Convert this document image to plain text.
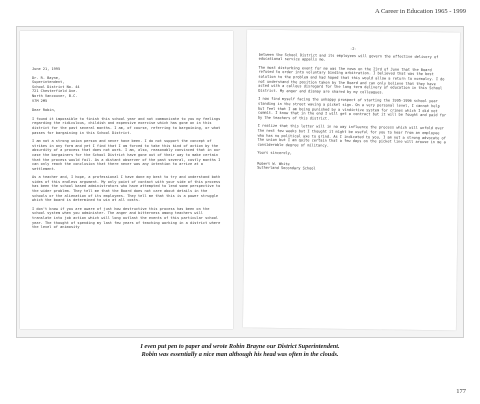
A Career in Education 1965 - 1999
June 21, 1995
Dr. R. Bayne,
Superintendent,
School District No. 44
721 Chesterfield Ave.
North Vancouver, B.C.
V7M 2M5

Dear Robin,

I found it impossible to finish this school year and not communicate to you my feelings regarding the ridiculous, childish and expensive exercise which has gone on in this district for the past several months. I am, of course, referring to bargaining, or what passes for bargaining in this School District.

I am not a strong union person and never have been. I do not support the concept of strikes in any form and yet I find that I am forced to take this kind of action by the absurdity of a process that does not work. I am, also, reasonably convinced that in our case the bargainers for the School District have gone out of their way to make certain that the process would fail. As a distant observer of the past several, costly months I can only reach the conclusion that there never was any intention to arrive at a settlement.

As a teacher and, I hope, a professional I have done my best to try and understand both sides of this endless argument. My only point of contact with your side of this process has been the school based administrators who have attempted to lend some perspective to the wider problem. They tell me that the Board does not care about details in the schools or the alienation of its employees. They tell me that this is a power struggle which the board is determined to win at all costs.

I don't know if you are aware of just how destructive this process has been on the school system when you administer. The anger and bitterness among teachers will translate into job action which will long outlast the events of this particular school year. The thought of spending my last few years of teaching working in a district where the level of animosity

-2-

between the School District and its employees will govern the effective delivery of educational service appalls me.

The most disturbing event for me was the news on the 23rd of June that the Board refused to order into voluntary binding arbitration. I believed that was the best solution to the problem and had hoped that this would allow a return to normalcy. I do not understand the position taken by the Board and can only believe that they have acted with a callous disregard for the long term delivery of education in this School District. My anger and dismay are shared by my colleagues.

I now find myself facing the unhappy prospect of starting the 1995-1996 school year standing in the street waving a picket sign. On a very personal level, I cannot help but feel that I am being punished by a vindictive system for crimes which I did not commit. I know that in the end I will get a contract but it will be fought and paid for by the teachers of this district.

I realize that this letter will in no way influence the process which will unfold over the next few weeks but I thought it might be useful for you to hear from an employee who has no political axe to grind. As I indicated to you, I am not a strong advocate of the union but I am quite certain that a few days on the picket line will arouse in me a considerable degree of militancy.

Yours sincerely,

Robert W. White
Sutherland Secondary School
I even put pen to paper and wrote Robin Brayne our District Superintendent.
Robin was essentially a nice man although his head was often in the clouds.
177
